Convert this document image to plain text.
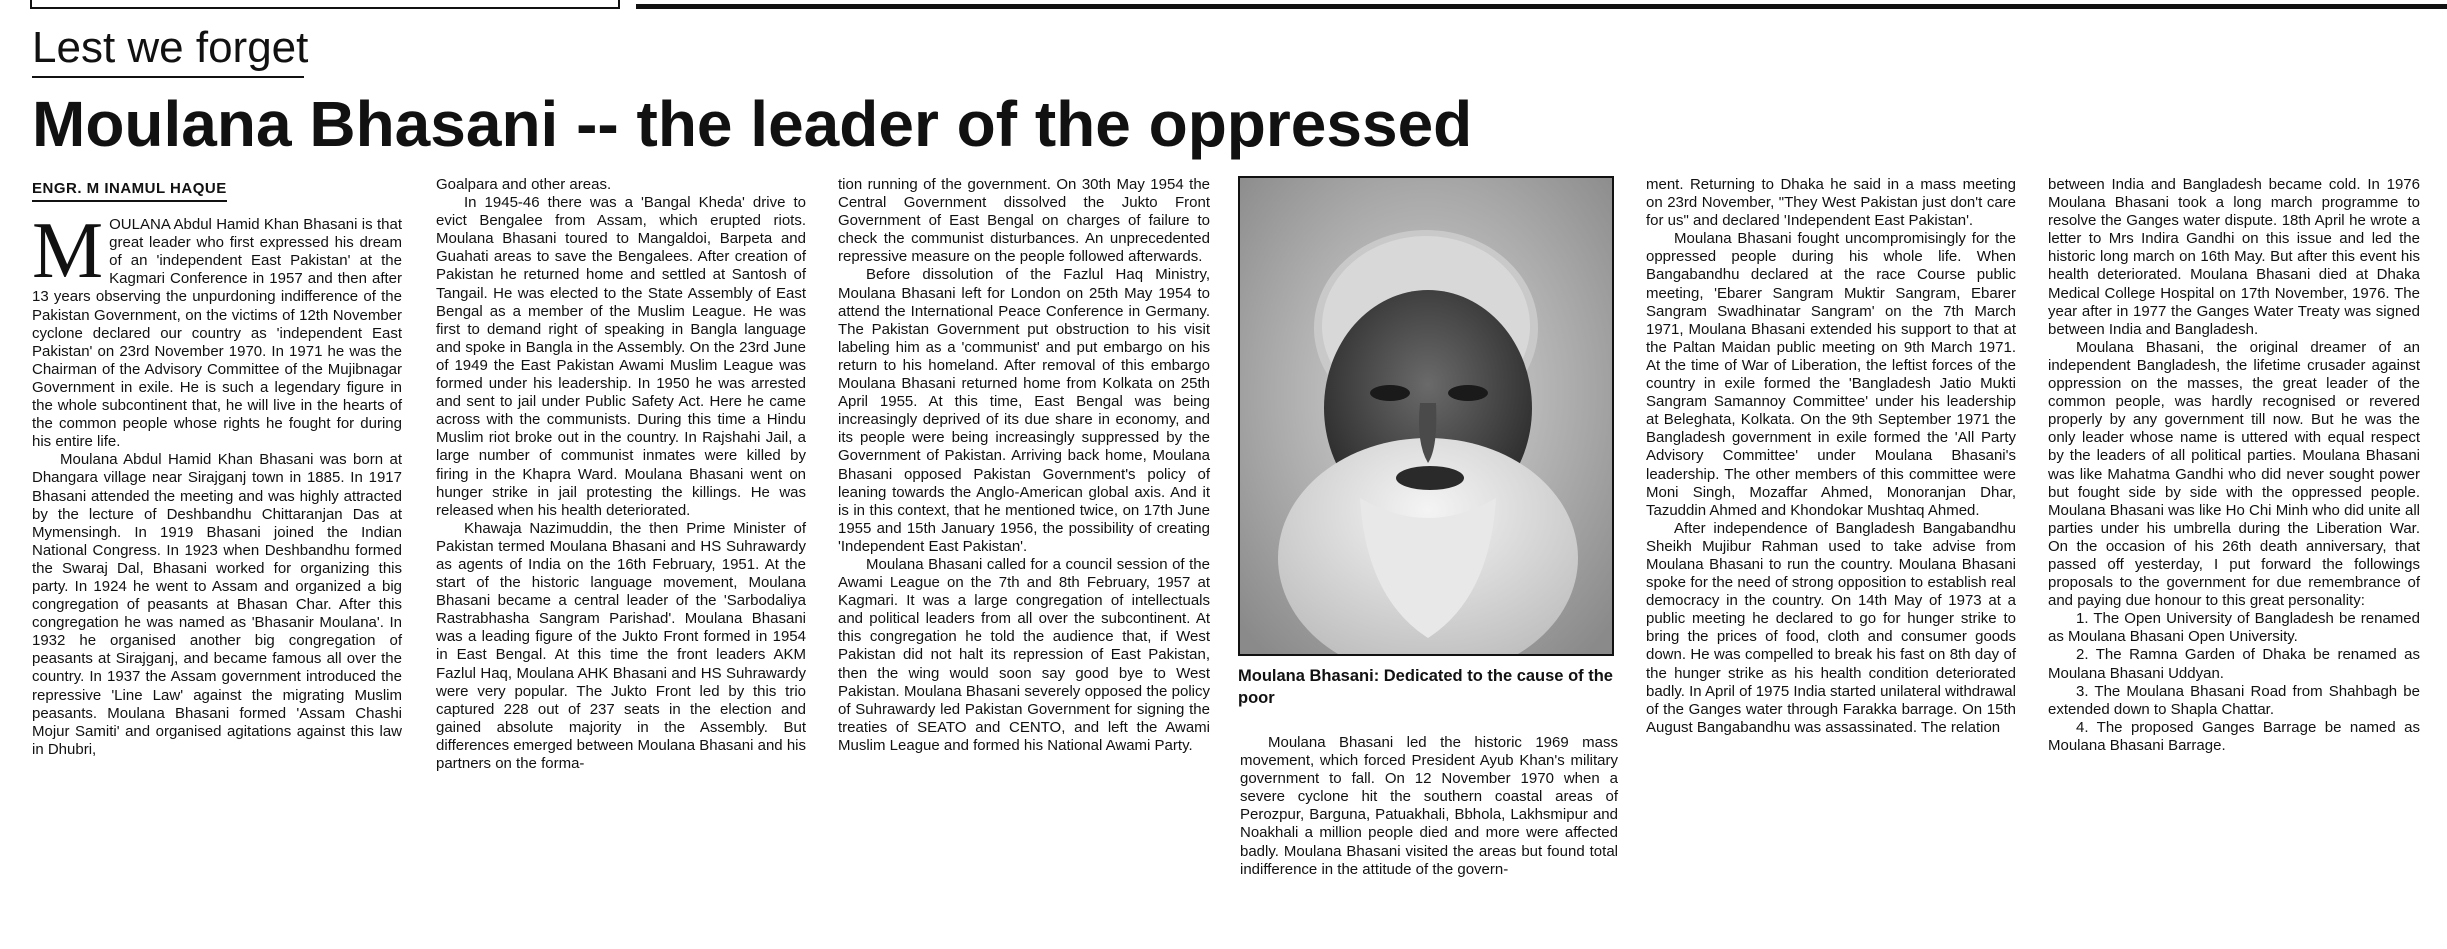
Lest we forget
Moulana Bhasani -- the leader of the oppressed
ENGR. M INAMUL HAQUE

MOULANA Abdul Hamid Khan Bhasani is that great leader who first expressed his dream of an 'independent East Pakistan' at the Kagmari Conference in 1957 and then after 13 years observing the unpurdoning indifference of the Pakistan Government, on the victims of 12th November cyclone declared our country as 'independent East Pakistan' on 23rd November 1970. In 1971 he was the Chairman of the Advisory Committee of the Mujibnagar Government in exile. He is such a legendary figure in the whole subcontinent that, he will live in the hearts of the common people whose rights he fought for during his entire life.

Moulana Abdul Hamid Khan Bhasani was born at Dhangara village near Sirajganj town in 1885. In 1917 Bhasani attended the meeting and was highly attracted by the lecture of Deshbandhu Chittaranjan Das at Mymensingh. In 1919 Bhasani joined the Indian National Congress. In 1923 when Deshbandhu formed the Swaraj Dal, Bhasani worked for organizing this party. In 1924 he went to Assam and organized a big congregation of peasants at Bhasan Char. After this congregation he was named as 'Bhasanir Moulana'. In 1932 he organised another big congregation of peasants at Sirajganj, and became famous all over the country. In 1937 the Assam government introduced the repressive 'Line Law' against the migrating Muslim peasants. Moulana Bhasani formed 'Assam Chashi Mojur Samiti' and organised agitations against this law in Dhubri,

Goalpara and other areas.

In 1945-46 there was a 'Bangal Kheda' drive to evict Bengalee from Assam, which erupted riots. Moulana Bhasani toured to Mangaldoi, Barpeta and Guahati areas to save the Bengalees. After creation of Pakistan he returned home and settled at Santosh of Tangail. He was elected to the State Assembly of East Bengal as a member of the Muslim League. He was first to demand right of speaking in Bangla language and spoke in Bangla in the Assembly. On the 23rd June of 1949 the East Pakistan Awami Muslim League was formed under his leadership. In 1950 he was arrested and sent to jail under Public Safety Act. Here he came across with the communists. During this time a Hindu Muslim riot broke out in the country. In Rajshahi Jail, a large number of communist inmates were killed by firing in the Khapra Ward. Moulana Bhasani went on hunger strike in jail protesting the killings. He was released when his health deteriorated.

Khawaja Nazimuddin, the then Prime Minister of Pakistan termed Moulana Bhasani and HS Suhrawardy as agents of India on the 16th February, 1951. At the start of the historic language movement, Moulana Bhasani became a central leader of the 'Sarbodaliya Rastrabhasha Sangram Parishad'. Moulana Bhasani was a leading figure of the Jukto Front formed in 1954 in East Bengal. At this time the front leaders AKM Fazlul Haq, Moulana AHK Bhasani and HS Suhrawardy were very popular. The Jukto Front led by this trio captured 228 out of 237 seats in the election and gained absolute majority in the Assembly. But differences emerged between Moulana Bhasani and his partners on the forma-

tion running of the government. On 30th May 1954 the Central Government dissolved the Jukto Front Government of East Bengal on charges of failure to check the communist disturbances. An unprecedented repressive measure on the people followed afterwards.

Before dissolution of the Fazlul Haq Ministry, Moulana Bhasani left for London on 25th May 1954 to attend the International Peace Conference in Germany. The Pakistan Government put obstruction to his visit labeling him as a 'communist' and put embargo on his return to his homeland. After removal of this embargo Moulana Bhasani returned home from Kolkata on 25th April 1955. At this time, East Bengal was being increasingly deprived of its due share in economy, and its people were being increasingly suppressed by the Government of Pakistan. Arriving back home, Moulana Bhasani opposed Pakistan Government's policy of leaning towards the Anglo-American global axis. And it is in this context, that he mentioned twice, on 17th June 1955 and 15th January 1956, the possibility of creating 'Independent East Pakistan'.

Moulana Bhasani called for a council session of the Awami League on the 7th and 8th February, 1957 at Kagmari. It was a large congregation of intellectuals and political leaders from all over the subcontinent. At this congregation he told the audience that, if West Pakistan did not halt its repression of East Pakistan, then the wing would soon say good bye to West Pakistan. Moulana Bhasani severely opposed the policy of Suhrawardy led Pakistan Government for signing the treaties of SEATO and CENTO, and left the Awami Muslim League and formed his National Awami Party.

Moulana Bhasani: Dedicated to the cause of the poor

Moulana Bhasani led the historic 1969 mass movement, which forced President Ayub Khan's military government to fall. On 12 November 1970 when a severe cyclone hit the southern coastal areas of Perozpur, Barguna, Patuakhali, Bbhola, Lakhsmipur and Noakhali a million people died and more were affected badly. Moulana Bhasani visited the areas but found total indifference in the attitude of the govern-

ment. Returning to Dhaka he said in a mass meeting on 23rd November, "They West Pakistan just don't care for us" and declared 'Independent East Pakistan'.

Moulana Bhasani fought uncompromisingly for the oppressed people during his whole life. When Bangabandhu declared at the race Course public meeting, 'Ebarer Sangram Muktir Sangram, Ebarer Sangram Swadhinatar Sangram' on the 7th March 1971, Moulana Bhasani extended his support to that at the Paltan Maidan public meeting on 9th March 1971. At the time of War of Liberation, the leftist forces of the country in exile formed the 'Bangladesh Jatio Mukti Sangram Samannoy Committee' under his leadership at Beleghata, Kolkata. On the 9th September 1971 the Bangladesh government in exile formed the 'All Party Advisory Committee' under Moulana Bhasani's leadership. The other members of this committee were Moni Singh, Mozaffar Ahmed, Monoranjan Dhar, Tazuddin Ahmed and Khondokar Mushtaq Ahmed.

After independence of Bangladesh Bangabandhu Sheikh Mujibur Rahman used to take advise from Moulana Bhasani to run the country. Moulana Bhasani spoke for the need of strong opposition to establish real democracy in the country. On 14th May of 1973 at a public meeting he declared to go for hunger strike to bring the prices of food, cloth and consumer goods down. He was compelled to break his fast on 8th day of the hunger strike as his health condition deteriorated badly. In April of 1975 India started unilateral withdrawal of the Ganges water through Farakka barrage. On 15th August Bangabandhu was assassinated. The relation

between India and Bangladesh became cold. In 1976 Moulana Bhasani took a long march programme to resolve the Ganges water dispute. 18th April he wrote a letter to Mrs Indira Gandhi on this issue and led the historic long march on 16th May. But after this event his health deteriorated. Moulana Bhasani died at Dhaka Medical College Hospital on 17th November, 1976. The year after in 1977 the Ganges Water Treaty was signed between India and Bangladesh.

Moulana Bhasani, the original dreamer of an independent Bangladesh, the lifetime crusader against oppression on the masses, the great leader of the common people, was hardly recognised or revered properly by any government till now. But he was the only leader whose name is uttered with equal respect by the leaders of all political parties. Moulana Bhasani was like Mahatma Gandhi who did never sought power but fought side by side with the oppressed people. Moulana Bhasani was like Ho Chi Minh who did unite all parties under his umbrella during the Liberation War. On the occasion of his 26th death anniversary, that passed off yesterday, I put forward the followings proposals to the government for due remembrance of and paying due honour to this great personality:

1. The Open University of Bangladesh be renamed as Moulana Bhasani Open University.

2. The Ramna Garden of Dhaka be renamed as Moulana Bhasani Uddyan.

3. The Moulana Bhasani Road from Shahbagh be extended down to Shapla Chattar.

4. The proposed Ganges Barrage be named as Moulana Bhasani Barrage.
